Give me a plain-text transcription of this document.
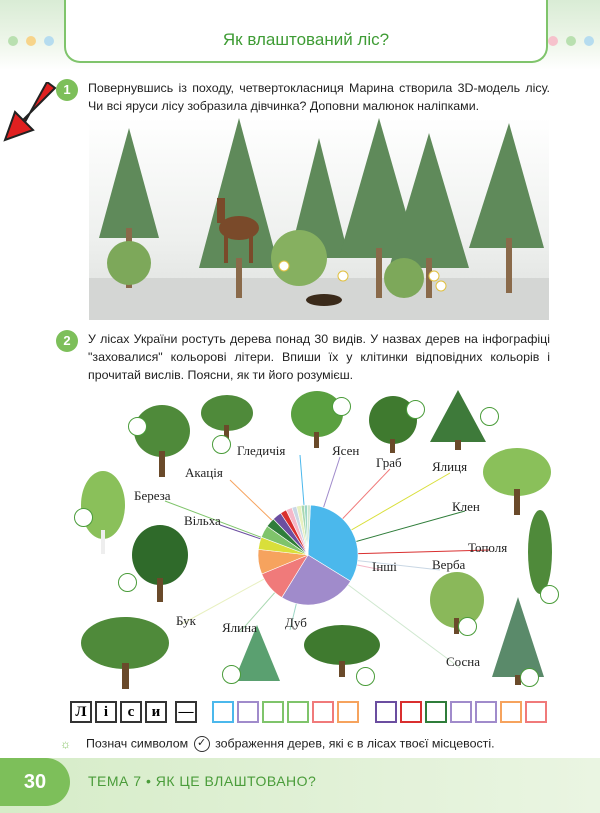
Як влаштований ліс?
1	Повернувшись із походу, четвертокласниця Марина створила 3D-модель лісу. Чи всі яруси лісу зобразила дівчинка? Доповни малюнок наліпками.
2	У лісах України ростуть дерева понад 30 видів. У назвах дерев на інфографіці "заховалися" кольорові літери. Впиши їх у клітинки відповідних кольорів і прочитай вислів. Поясни, як ти його розумієш.
Гледичія	Ясен
Граб
Акація	Ялиця
Береза
Клен
Вільха
Тополя
Інші	Верба
Бук Ялина Дуб
Сосна
Л	і	с	и	—
☼ Познач символом ✓ зображення дерев, які є в лісах твоєї місцевості.
30	ТЕМА 7 • ЯК ЦЕ ВЛАШТОВАНО?
